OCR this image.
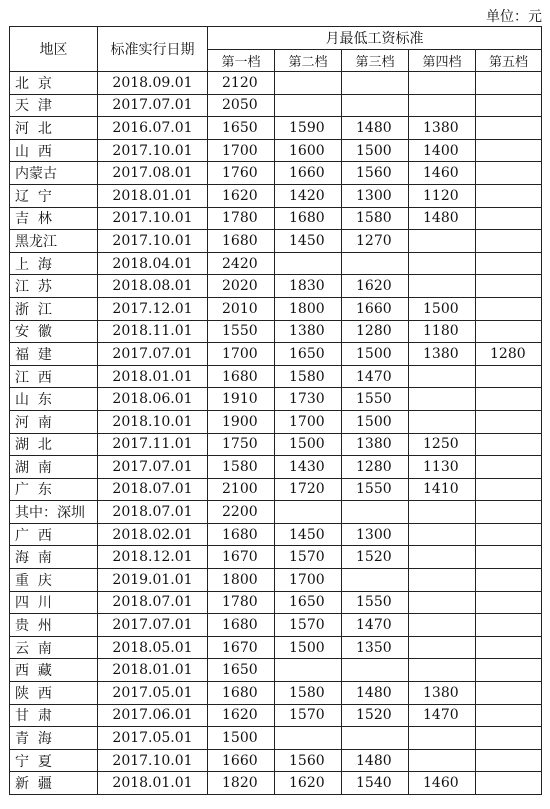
单位：元
地区	标准实行日期	月最低工资标准				
		第一档	第二档	第三档	第四档	第五档
北  京	2018.09.01	2120				
天  津	2017.07.01	2050				
河  北	2016.07.01	1650	1590	1480	1380	
山  西	2017.10.01	1700	1600	1500	1400	
内蒙古	2017.08.01	1760	1660	1560	1460	
辽  宁	2018.01.01	1620	1420	1300	1120	
吉  林	2017.10.01	1780	1680	1580	1480	
黑龙江	2017.10.01	1680	1450	1270		
上  海	2018.04.01	2420				
江  苏	2018.08.01	2020	1830	1620		
浙  江	2017.12.01	2010	1800	1660	1500	
安  徽	2018.11.01	1550	1380	1280	1180	
福  建	2017.07.01	1700	1650	1500	1380	1280
江  西	2018.01.01	1680	1580	1470		
山  东	2018.06.01	1910	1730	1550		
河  南	2018.10.01	1900	1700	1500		
湖  北	2017.11.01	1750	1500	1380	1250	
湖  南	2017.07.01	1580	1430	1280	1130	
广  东	2018.07.01	2100	1720	1550	1410	
其中：深圳	2018.07.01	2200				
广  西	2018.02.01	1680	1450	1300		
海  南	2018.12.01	1670	1570	1520		
重  庆	2019.01.01	1800	1700			
四  川	2018.07.01	1780	1650	1550		
贵  州	2017.07.01	1680	1570	1470		
云  南	2018.05.01	1670	1500	1350		
西  藏	2018.01.01	1650				
陕  西	2017.05.01	1680	1580	1480	1380	
甘  肃	2017.06.01	1620	1570	1520	1470	
青  海	2017.05.01	1500				
宁  夏	2017.10.01	1660	1560	1480		
新  疆	2018.01.01	1820	1620	1540	1460	
